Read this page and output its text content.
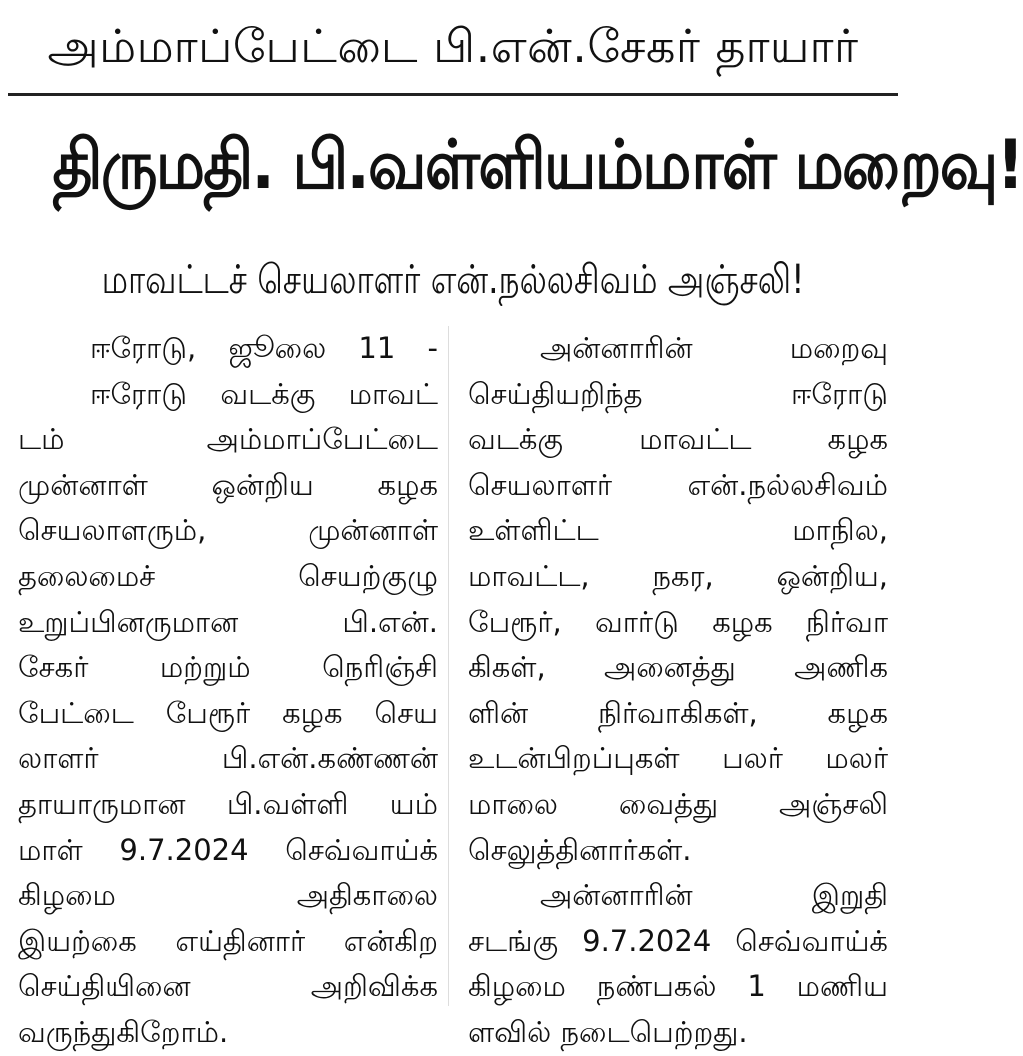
அம்மாப்பேட்டை பி.என்.சேகர் தாயார்
திருமதி. பி.வள்ளியம்மாள் மறைவு!
மாவட்டச் செயலாளர் என்.நல்லசிவம் அஞ்சலி!
ஈரோடு, ஜூலை 11 -
ஈரோடு வடக்கு மாவட்
டம் அம்மாப்பேட்டை
முன்னாள் ஒன்றிய கழக
செயலாளரும், முன்னாள்
தலைமைச் செயற்குழு
உறுப்பினருமான பி.என்.
சேகர் மற்றும் நெரிஞ்சி
பேட்டை பேரூர் கழக செய
லாளர் பி.என்.கண்ணன்
தாயாருமான பி.வள்ளி யம்
மாள் 9.7.2024 செவ்வாய்க்
கிழமை அதிகாலை
இயற்கை எய்தினார் என்கிற
செய்தியினை அறிவிக்க
வருந்துகிறோம்.
அன்னாரின் மறைவு
செய்தியறிந்த ஈரோடு
வடக்கு மாவட்ட கழக
செயலாளர் என்.நல்லசிவம்
உள்ளிட்ட மாநில,
மாவட்ட, நகர, ஒன்றிய,
பேரூர், வார்டு கழக நிர்வா
கிகள், அனைத்து அணிக
ளின் நிர்வாகிகள், கழக
உடன்பிறப்புகள் பலர் மலர்
மாலை வைத்து அஞ்சலி
செலுத்தினார்கள்.
அன்னாரின் இறுதி
சடங்கு 9.7.2024 செவ்வாய்க்
கிழமை நண்பகல் 1 மணிய
ளவில் நடைபெற்றது.
